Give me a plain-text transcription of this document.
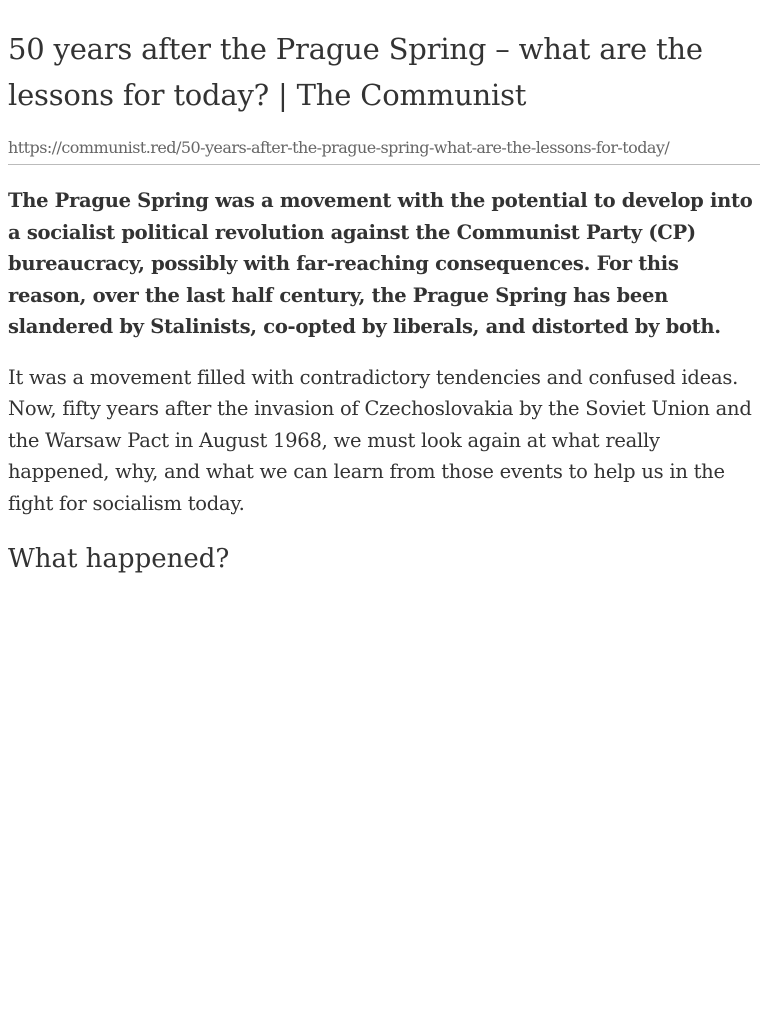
50 years after the Prague Spring – what are the lessons for today? | The Communist
https://communist.red/50-years-after-the-prague-spring-what-are-the-lessons-for-today/

The Prague Spring was a movement with the potential to develop into a socialist political revolution against the Communist Party (CP) bureaucracy, possibly with far-reaching consequences. For this reason, over the last half century, the Prague Spring has been slandered by Stalinists, co-opted by liberals, and distorted by both.

It was a movement filled with contradictory tendencies and confused ideas. Now, fifty years after the invasion of Czechoslovakia by the Soviet Union and the Warsaw Pact in August 1968, we must look again at what really happened, why, and what we can learn from those events to help us in the fight for socialism today.

What happened?
